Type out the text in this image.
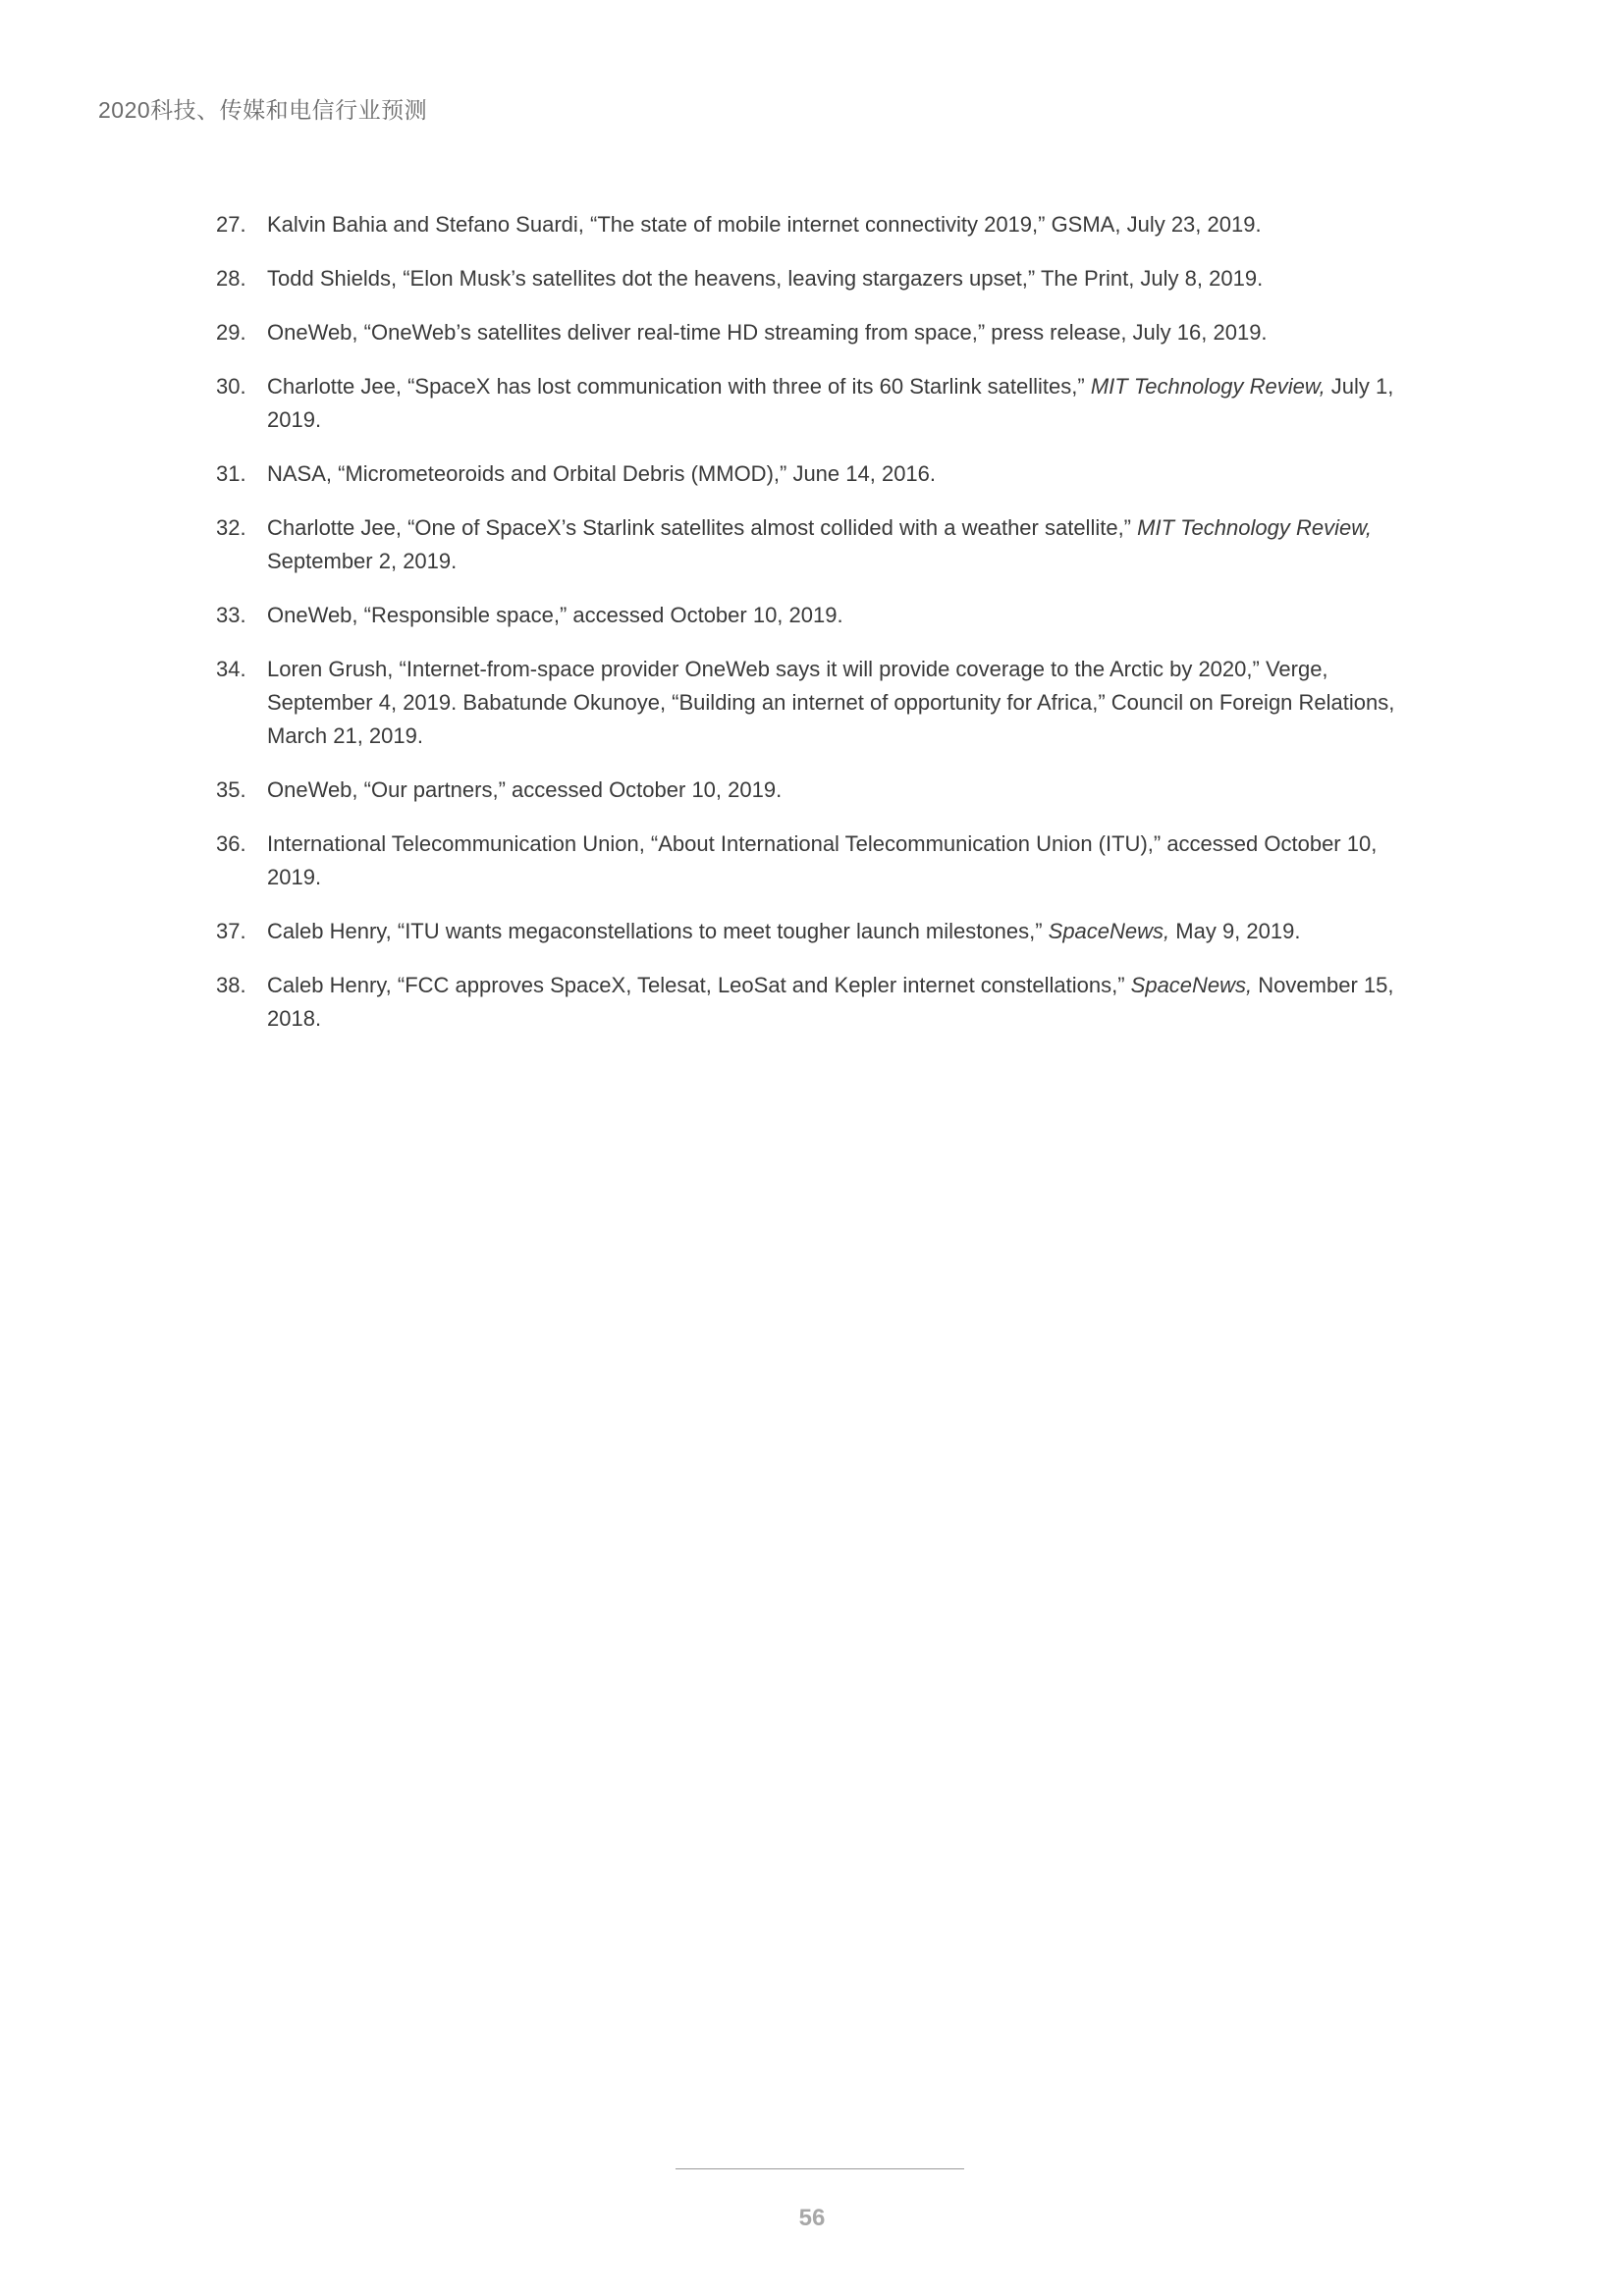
2020科技、传媒和电信行业预测
27. Kalvin Bahia and Stefano Suardi, “The state of mobile internet connectivity 2019,” GSMA, July 23, 2019.
28. Todd Shields, “Elon Musk’s satellites dot the heavens, leaving stargazers upset,” The Print, July 8, 2019.
29. OneWeb, “OneWeb’s satellites deliver real-time HD streaming from space,” press release, July 16, 2019.
30. Charlotte Jee, “SpaceX has lost communication with three of its 60 Starlink satellites,” MIT Technology Review, July 1, 2019.
31. NASA, “Micrometeoroids and Orbital Debris (MMOD),” June 14, 2016.
32. Charlotte Jee, “One of SpaceX’s Starlink satellites almost collided with a weather satellite,” MIT Technology Review, September 2, 2019.
33. OneWeb, “Responsible space,” accessed October 10, 2019.
34. Loren Grush, “Internet-from-space provider OneWeb says it will provide coverage to the Arctic by 2020,” Verge, September 4, 2019. Babatunde Okunoye, “Building an internet of opportunity for Africa,” Council on Foreign Relations, March 21, 2019.
35. OneWeb, “Our partners,” accessed October 10, 2019.
36. International Telecommunication Union, “About International Telecommunication Union (ITU),” accessed October 10, 2019.
37. Caleb Henry, “ITU wants megaconstellations to meet tougher launch milestones,” SpaceNews, May 9, 2019.
38. Caleb Henry, “FCC approves SpaceX, Telesat, LeoSat and Kepler internet constellations,” SpaceNews, November 15, 2018.
56
